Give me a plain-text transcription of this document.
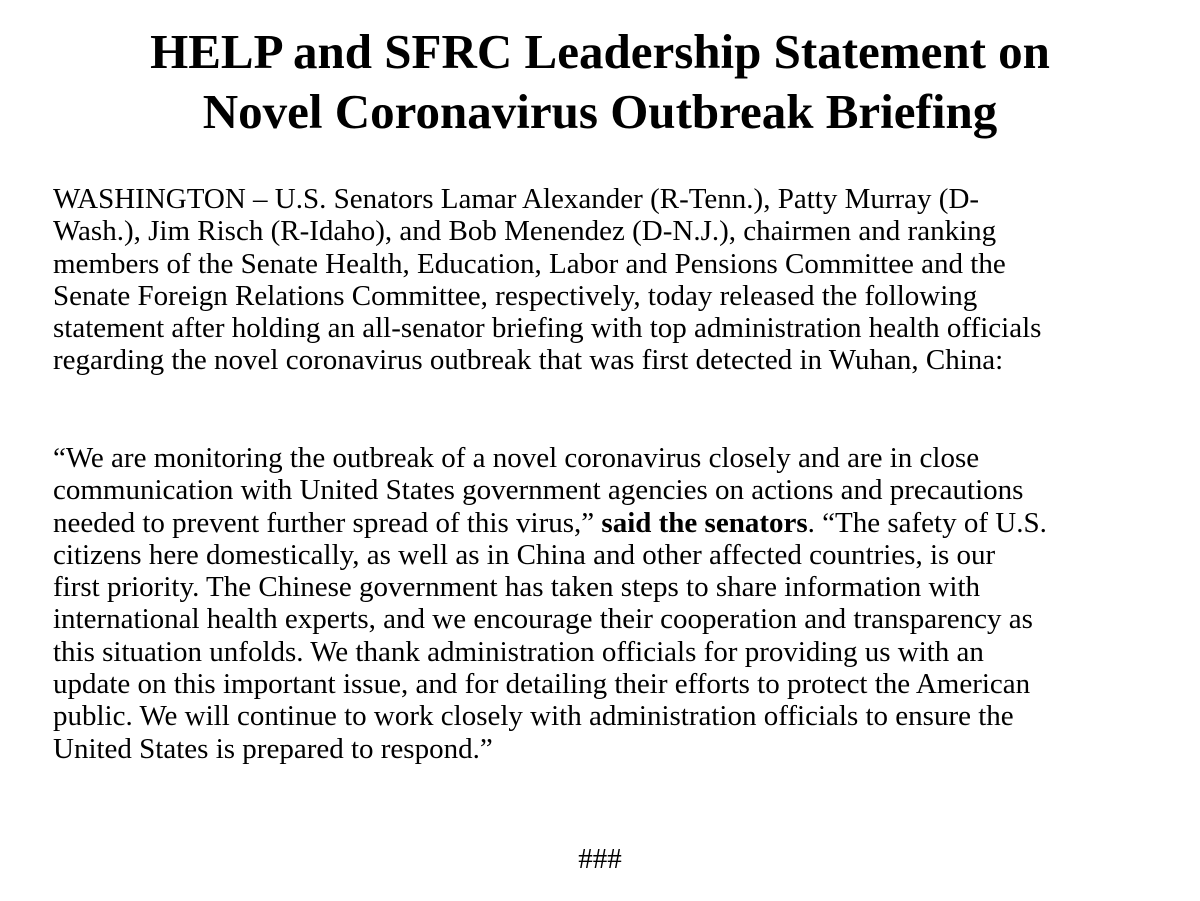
HELP and SFRC Leadership Statement on
Novel Coronavirus Outbreak Briefing

WASHINGTON – U.S. Senators Lamar Alexander (R-Tenn.), Patty Murray (D-
Wash.), Jim Risch (R-Idaho), and Bob Menendez (D-N.J.), chairmen and ranking
members of the Senate Health, Education, Labor and Pensions Committee and the
Senate Foreign Relations Committee, respectively, today released the following
statement after holding an all-senator briefing with top administration health officials
regarding the novel coronavirus outbreak that was first detected in Wuhan, China:

“We are monitoring the outbreak of a novel coronavirus closely and are in close
communication with United States government agencies on actions and precautions
needed to prevent further spread of this virus,” said the senators. “The safety of U.S.
citizens here domestically, as well as in China and other affected countries, is our
first priority. The Chinese government has taken steps to share information with
international health experts, and we encourage their cooperation and transparency as
this situation unfolds. We thank administration officials for providing us with an
update on this important issue, and for detailing their efforts to protect the American
public. We will continue to work closely with administration officials to ensure the
United States is prepared to respond.”

###
